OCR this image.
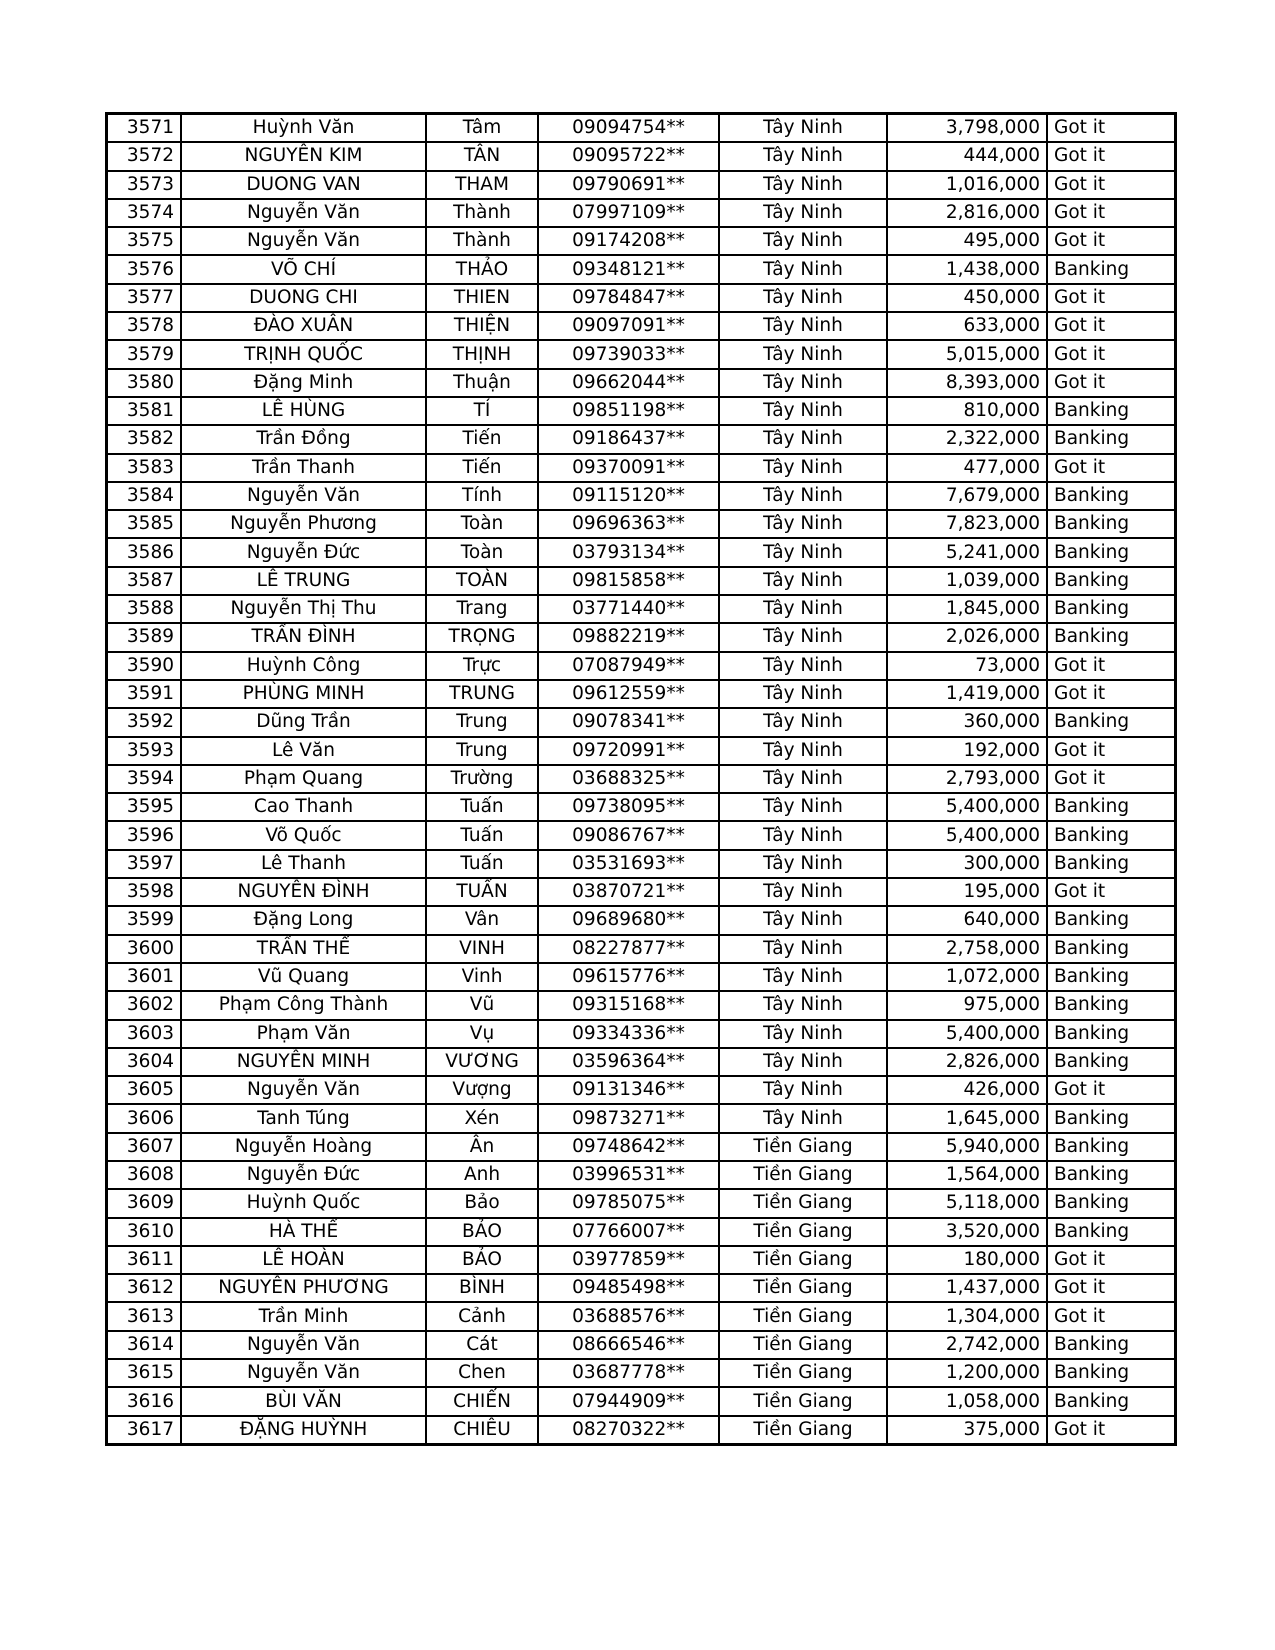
3571	Huỳnh Văn	Tâm	09094754**	Tây Ninh	3,798,000	Got it
3572	NGUYỄN KIM	TÂN	09095722**	Tây Ninh	444,000	Got it
3573	DUONG VAN	THAM	09790691**	Tây Ninh	1,016,000	Got it
3574	Nguyễn Văn	Thành	07997109**	Tây Ninh	2,816,000	Got it
3575	Nguyễn Văn	Thành	09174208**	Tây Ninh	495,000	Got it
3576	VÕ CHÍ	THẢO	09348121**	Tây Ninh	1,438,000	Banking
3577	DUONG CHI	THIEN	09784847**	Tây Ninh	450,000	Got it
3578	ĐÀO XUÂN	THIỆN	09097091**	Tây Ninh	633,000	Got it
3579	TRỊNH QUỐC	THỊNH	09739033**	Tây Ninh	5,015,000	Got it
3580	Đặng Minh	Thuận	09662044**	Tây Ninh	8,393,000	Got it
3581	LÊ HÙNG	TÍ	09851198**	Tây Ninh	810,000	Banking
3582	Trần Đồng	Tiến	09186437**	Tây Ninh	2,322,000	Banking
3583	Trần Thanh	Tiến	09370091**	Tây Ninh	477,000	Got it
3584	Nguyễn Văn	Tính	09115120**	Tây Ninh	7,679,000	Banking
3585	Nguyễn Phương	Toàn	09696363**	Tây Ninh	7,823,000	Banking
3586	Nguyễn Đức	Toàn	03793134**	Tây Ninh	5,241,000	Banking
3587	LÊ TRUNG	TOÀN	09815858**	Tây Ninh	1,039,000	Banking
3588	Nguyễn Thị Thu	Trang	03771440**	Tây Ninh	1,845,000	Banking
3589	TRẦN ĐÌNH	TRỌNG	09882219**	Tây Ninh	2,026,000	Banking
3590	Huỳnh Công	Trực	07087949**	Tây Ninh	73,000	Got it
3591	PHÙNG MINH	TRUNG	09612559**	Tây Ninh	1,419,000	Got it
3592	Dũng Trần	Trung	09078341**	Tây Ninh	360,000	Banking
3593	Lê Văn	Trung	09720991**	Tây Ninh	192,000	Got it
3594	Phạm Quang	Trường	03688325**	Tây Ninh	2,793,000	Got it
3595	Cao Thanh	Tuấn	09738095**	Tây Ninh	5,400,000	Banking
3596	Võ Quốc	Tuấn	09086767**	Tây Ninh	5,400,000	Banking
3597	Lê Thanh	Tuấn	03531693**	Tây Ninh	300,000	Banking
3598	NGUYỄN ĐÌNH	TUẤN	03870721**	Tây Ninh	195,000	Got it
3599	Đặng Long	Vân	09689680**	Tây Ninh	640,000	Banking
3600	TRẦN THẾ	VINH	08227877**	Tây Ninh	2,758,000	Banking
3601	Vũ Quang	Vinh	09615776**	Tây Ninh	1,072,000	Banking
3602	Phạm Công Thành	Vũ	09315168**	Tây Ninh	975,000	Banking
3603	Phạm Văn	Vụ	09334336**	Tây Ninh	5,400,000	Banking
3604	NGUYỄN MINH	VƯƠNG	03596364**	Tây Ninh	2,826,000	Banking
3605	Nguyễn Văn	Vượng	09131346**	Tây Ninh	426,000	Got it
3606	Tanh Túng	Xén	09873271**	Tây Ninh	1,645,000	Banking
3607	Nguyễn Hoàng	Ân	09748642**	Tiền Giang	5,940,000	Banking
3608	Nguyễn Đức	Anh	03996531**	Tiền Giang	1,564,000	Banking
3609	Huỳnh Quốc	Bảo	09785075**	Tiền Giang	5,118,000	Banking
3610	HÀ THẾ	BẢO	07766007**	Tiền Giang	3,520,000	Banking
3611	LÊ HOÀN	BẢO	03977859**	Tiền Giang	180,000	Got it
3612	NGUYỄN PHƯƠNG	BÌNH	09485498**	Tiền Giang	1,437,000	Got it
3613	Trần Minh	Cảnh	03688576**	Tiền Giang	1,304,000	Got it
3614	Nguyễn Văn	Cát	08666546**	Tiền Giang	2,742,000	Banking
3615	Nguyễn Văn	Chen	03687778**	Tiền Giang	1,200,000	Banking
3616	BÙI VĂN	CHIẾN	07944909**	Tiền Giang	1,058,000	Banking
3617	ĐẶNG HUỲNH	CHIÊU	08270322**	Tiền Giang	375,000	Got it
